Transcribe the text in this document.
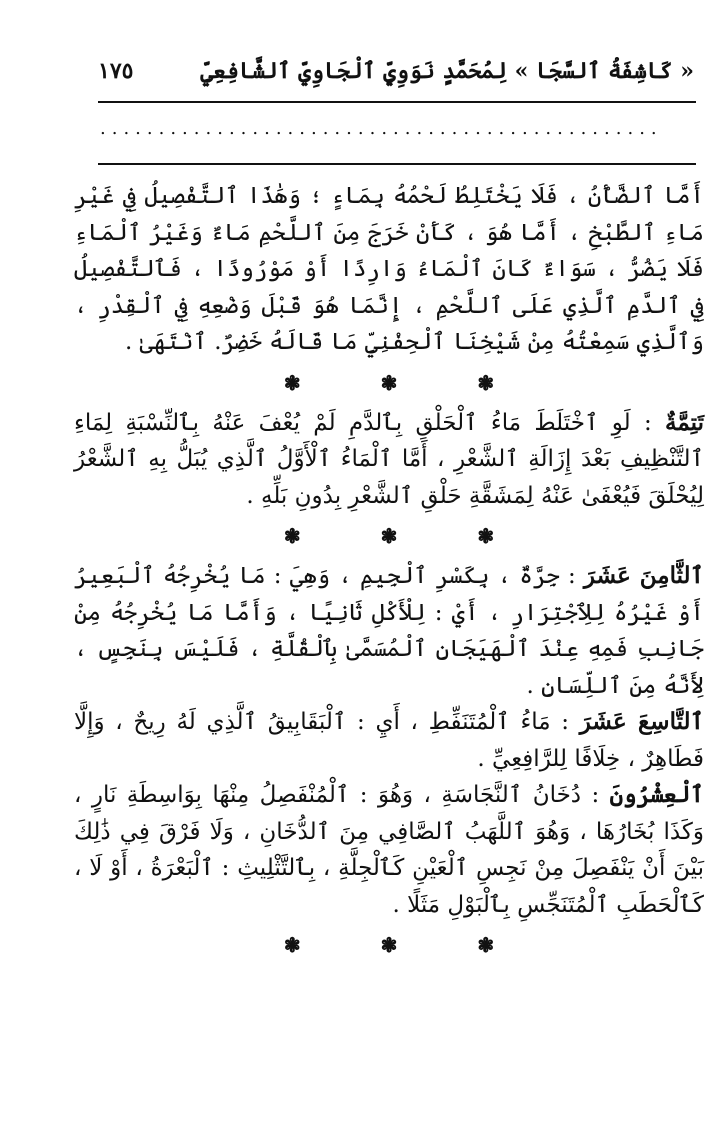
« كَاشِفَةُ ٱلسَّجَا » لِمُحَمَّدٍ نَوَوِيٍّ ٱلْجَاوِيِّ ٱلشَّافِعِيِّ
١٧٥
................................................

أَمَّا ٱلضَّأْنُ ، فَلَا يَخْتَلِطُ لَحْمُهُ بِمَاءٍ ؛ وَهَٰذَا ٱلتَّفْصِيلُ فِي غَيْرِ مَاءِ ٱلطَّبْخِ ، أَمَّا هُوَ ، كَأَنْ خَرَجَ مِنَ ٱللَّحْمِ مَاءٌ وَغَيْرُ ٱلْمَاءِ فَلَا يَضُرُّ ، سَوَاءٌ كَانَ ٱلْمَاءُ وَارِدًا أَوْ مَوْرُودًا ، فَٱلتَّفْصِيلُ فِي ٱلدَّمِ ٱلَّذِي عَلَى ٱللَّحْمِ ، إِنَّمَا هُوَ قَبْلَ وَضْعِهِ فِي ٱلْقِدْرِ ، وَٱلَّذِي سَمِعْتُهُ مِنْ شَيْخِنَا ٱلْحِفْنِيِّ مَا قَالَهُ خَضِرٌ. ٱنْتَهَىٰ .

❃	❃	❃

تَتِمَّةٌ : لَوِ ٱخْتَلَطَ مَاءُ ٱلْحَلْقِ بِٱلدَّمِ لَمْ يُعْفَ عَنْهُ بِٱلنِّسْبَةِ لِمَاءِ ٱلتَّنْظِيفِ بَعْدَ إِزَالَةِ ٱلشَّعْرِ ، أَمَّا ٱلْمَاءُ ٱلْأَوَّلُ ٱلَّذِي يُبَلُّ بِهِ ٱلشَّعْرُ لِيُحْلَقَ فَيُعْفَىٰ عَنْهُ لِمَشَقَّةِ حَلْقِ ٱلشَّعْرِ بِدُونِ بَلِّهِ .

❃	❃	❃

ٱلثَّامِنَ عَشَرَ : جِرَّةٌ ، بِكَسْرِ ٱلْجِيمِ ، وَهِيَ : مَا يُخْرِجُهُ ٱلْبَعِيرُ أَوْ غَيْرُهُ لِلِٱجْتِرَارِ ، أَيْ : لِلْأَكْلِ ثَانِيًا ، وَأَمَّا مَا يُخْرِجُهُ مِنْ جَانِبِ فَمِهِ عِنْدَ ٱلْهَيَجَانِ ٱلْمُسَمَّىٰ بِٱلْقُلَّةِ ، فَلَيْسَ بِنَجِسٍ ، لِأَنَّهُ مِنَ ٱللِّسَانِ .

ٱلتَّاسِعَ عَشَرَ : مَاءُ ٱلْمُتَنَفِّطِ ، أَيِ : ٱلْبَقَابِيقُ ٱلَّذِي لَهُ رِيحٌ ، وَإِلَّا فَطَاهِرٌ ، خِلَافًا لِلرَّافِعِيِّ .

ٱلْعِشْرُونَ : دُخَانُ ٱلنَّجَاسَةِ ، وَهُوَ : ٱلْمُنْفَصِلُ مِنْهَا بِوَاسِطَةِ نَارٍ ، وَكَذَا بُخَارُهَا ، وَهُوَ ٱللَّهَبُ ٱلصَّافِي مِنَ ٱلدُّخَانِ ، وَلَا فَرْقَ فِي ذَٰلِكَ بَيْنَ أَنْ يَنْفَصِلَ مِنْ نَجِسِ ٱلْعَيْنِ كَٱلْجِلَّةِ ، بِٱلتَّثْلِيثِ : ٱلْبَعْرَةُ ، أَوْ لَا ، كَٱلْحَطَبِ ٱلْمُتَنَجِّسِ بِٱلْبَوْلِ مَثَلًا .

❃	❃	❃
